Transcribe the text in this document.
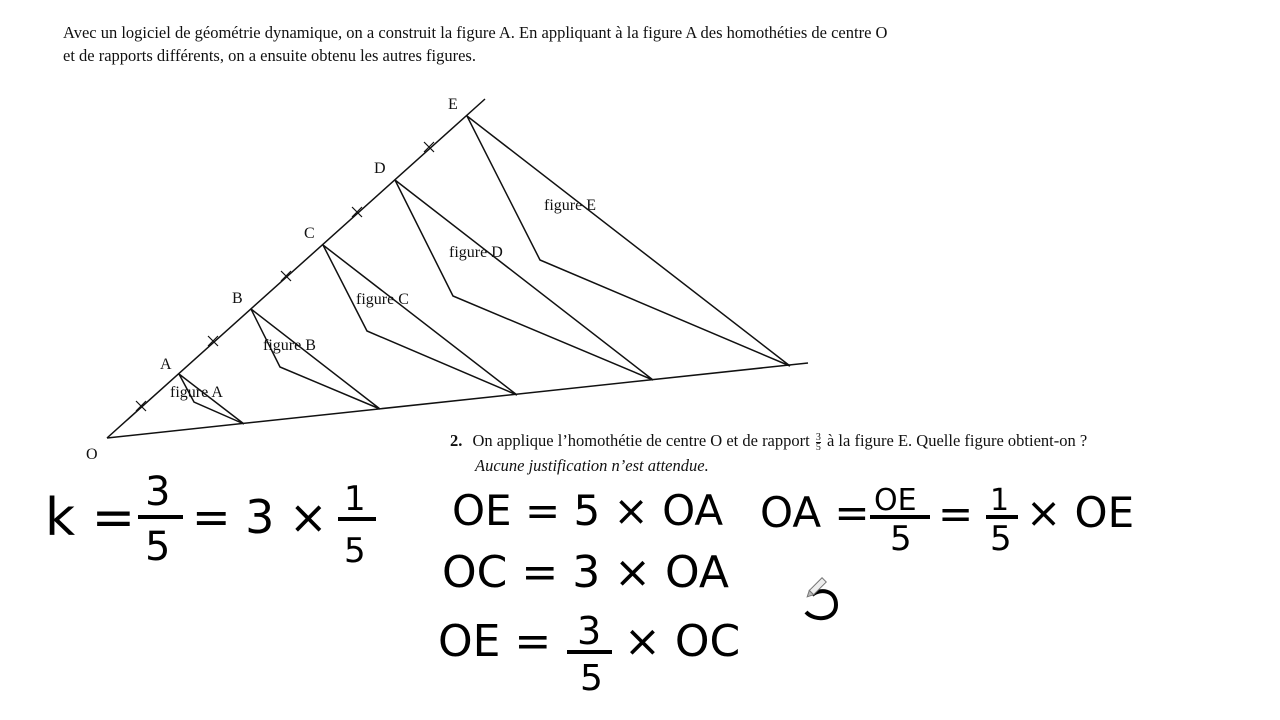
Avec un logiciel de géométrie dynamique, on a construit la figure A. En appliquant à la figure A des homothéties de centre O et de rapports différents, on a ensuite obtenu les autres figures.
O
A
B
C
D
E
figure A
figure B
figure C
figure D
figure E
k = 3
5
= 3 × 1
5
OE = 5 × OA
OC = 3 × OA
OE = 3
5
× OC
OA = OE
5
= 1
5
× OE
2. On applique l’homothétie de centre O et de rapport $\frac{3}{5}$ à la figure E. Quelle figure obtient-on ?
Aucune justification n’est attendue.
